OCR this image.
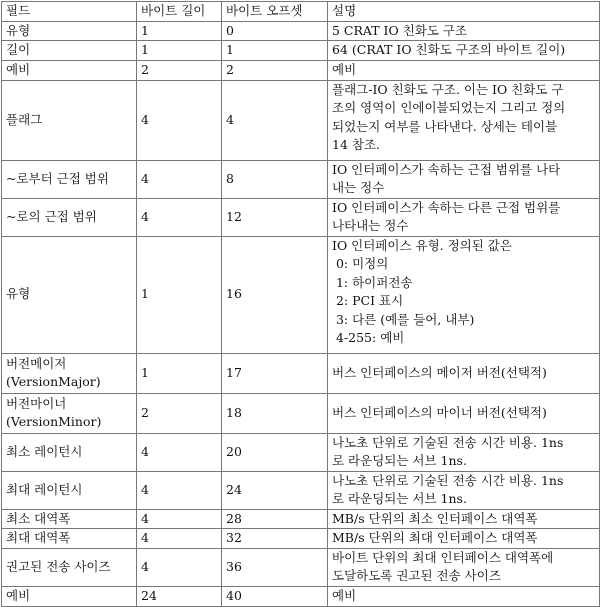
필드	바이트 길이	바이트 오프셋	설명

유형	1	0	5 CRAT IO 친화도 구조

길이	1	1	64 (CRAT IO 친화도 구조의 바이트 길이)

예비	2	2	예비

플래그	4	4	
플래그-IO 친화도 구조. 이는 IO 친화도 구
조의 영역이 인에이블되었는지 그리고 정의
되었는지 여부를 나타낸다. 상세는 테이블
14 참조.

~로부터 근접 범위	4	8	
IO 인터페이스가 속하는 근접 범위를 나타
내는 정수

~로의 근접 범위	4	12	
IO 인터페이스가 속하는 다른 근접 범위를
나타내는 정수

유형	1	16	
IO 인터페이스 유형. 정의된 값은
0: 미정의
1: 하이퍼전송
2: PCI 표시
3: 다른 (예를 들어, 내부)
4-255: 예비

버전메이저
(VersionMajor)
	1	17	버스 인터페이스의 메이저 버전(선택적)

버전마이너
(VersionMinor)
	2	18	버스 인터페이스의 마이너 버전(선택적)

최소 레이턴시	4	20	
나노초 단위로 기술된 전송 시간 비용. 1ns
로 라운딩되는 서브 1ns.

최대 레이턴시	4	24	
나노초 단위로 기술된 전송 시간 비용. 1ns
로 라운딩되는 서브 1ns.

최소 대역폭	4	28	MB/s 단위의 최소 인터페이스 대역폭

최대 대역폭	4	32	MB/s 단위의 최대 인터페이스 대역폭

권고된 전송 사이즈	4	36	
바이트 단위의 최대 인터페이스 대역폭에
도달하도록 권고된 전송 사이즈

예비	24	40	예비
